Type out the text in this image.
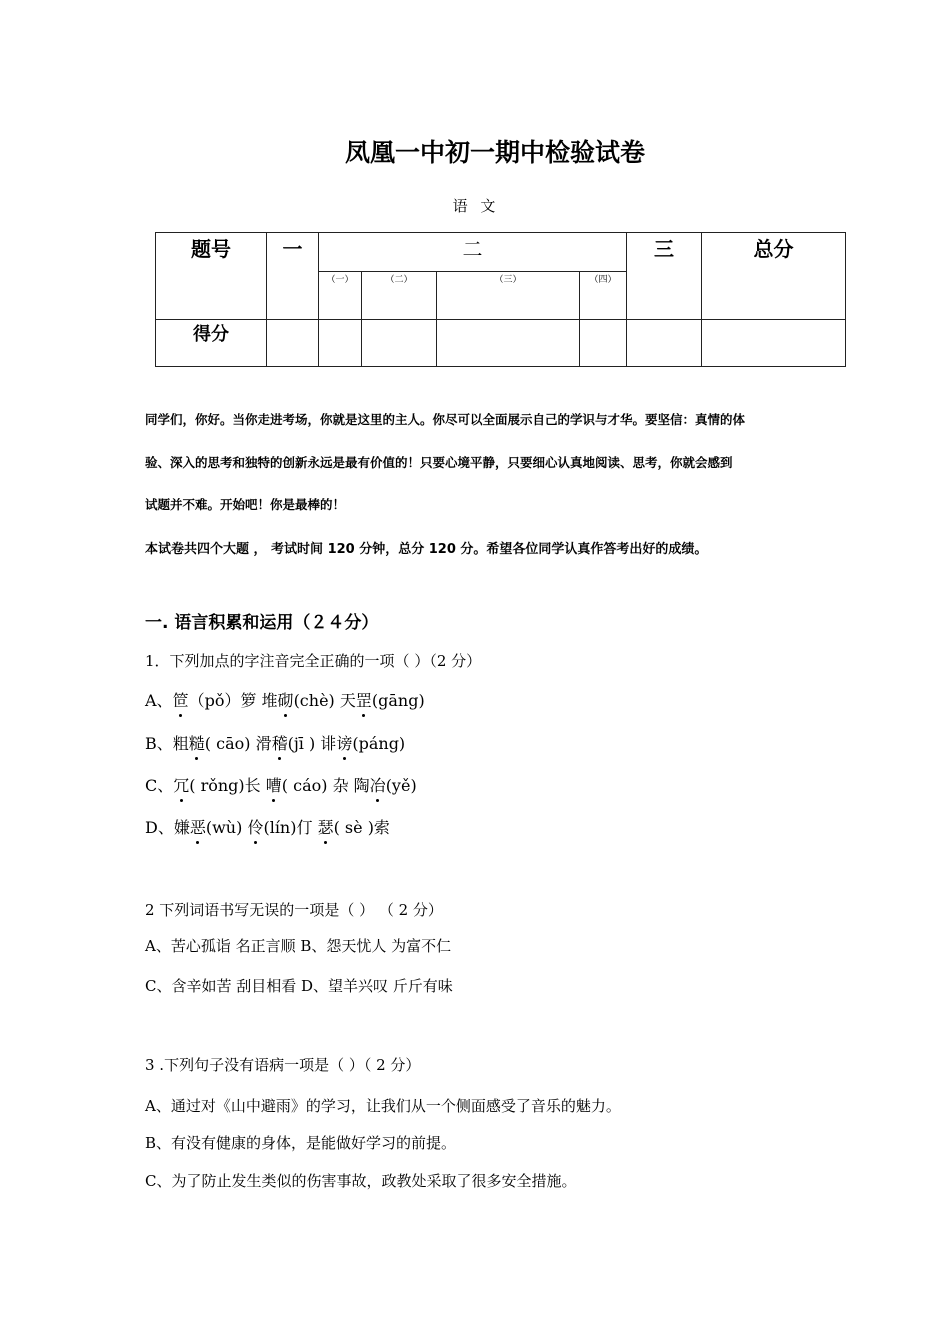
凤凰一中初一期中检验试卷
语 文
题号	一	二				三	总分
		（一）	（二）	（三）	（四）		
得分							
同学们，你好。当你走进考场，你就是这里的主人。你尽可以全面展示自己的学识与才华。要坚信：真情的体
验、深入的思考和独特的创新永远是最有价值的！只要心境平静，只要细心认真地阅读、思考，你就会感到
试题并不难。开始吧！你是最棒的！
本试卷共四个大题 ， 考试时间 120 分钟，总分 120 分。希望各位同学认真作答考出好的成绩。
一. 语言积累和运用（２４分）
1．下列加点的字注音完全正确的一项（ ）（2 分）
A、笸（pǒ）箩 堆砌(chè) 天罡(gāng)
B、粗糙( cāo) 滑稽(jī ) 诽谤(páng)
C、冗( rǒng)长 嘈( cáo) 杂 陶冶(yě)
D、嫌恶(wù) 伶(lín)仃 瑟( sè )索
2 下列词语书写无误的一项是（ ） （ 2 分）
A、苦心孤诣 名正言顺 B、怨天忧人 为富不仁
C、含辛如苦 刮目相看 D、望羊兴叹 斤斤有味
3 .下列句子没有语病一项是（ ）（ 2 分）
A、通过对《山中避雨》的学习，让我们从一个侧面感受了音乐的魅力。
B、有没有健康的身体，是能做好学习的前提。
C、为了防止发生类似的伤害事故，政教处采取了很多安全措施。
